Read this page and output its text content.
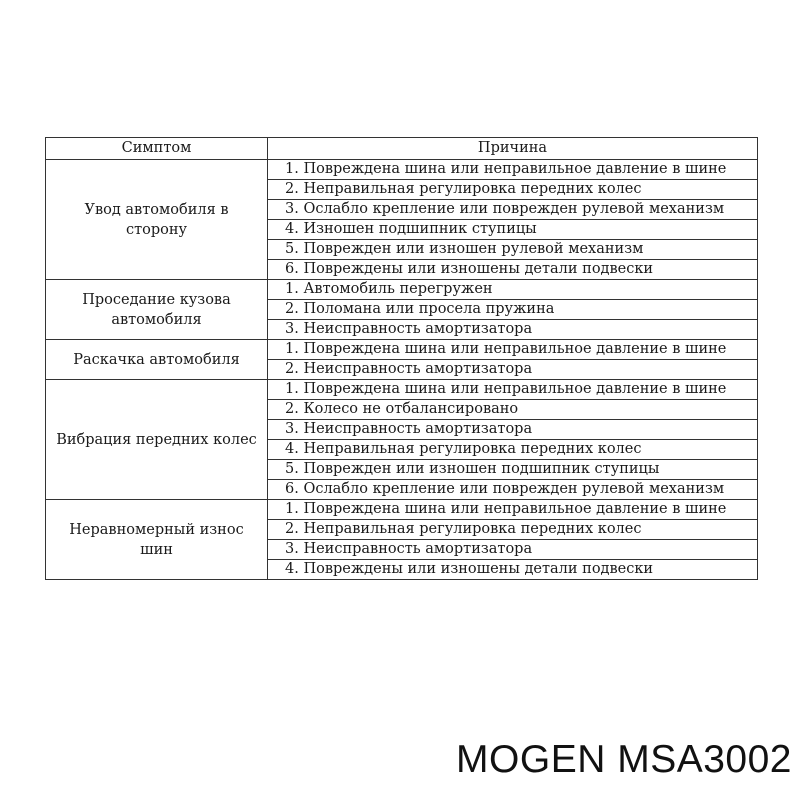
Симптом	Причина
Увод автомобиля в сторону	1. Повреждена шина или неправильное давление в шине
	2. Неправильная регулировка передних колес
	3. Ослабло крепление или поврежден рулевой механизм
	4. Изношен подшипник ступицы
	5. Поврежден или изношен рулевой механизм
	6. Повреждены или изношены детали подвески
Проседание кузова автомобиля	1. Автомобиль перегружен
	2. Поломана или просела пружина
	3. Неисправность амортизатора
Раскачка автомобиля	1. Повреждена шина или неправильное давление в шине
	2. Неисправность амортизатора
Вибрация передних колес	1. Повреждена шина или неправильное давление в шине
	2. Колесо не отбалансировано
	3. Неисправность амортизатора
	4. Неправильная регулировка передних колес
	5. Поврежден или изношен подшипник ступицы
	6. Ослабло крепление или поврежден рулевой механизм
Неравномерный износ шин	1. Повреждена шина или неправильное давление в шине
	2. Неправильная регулировка передних колес
	3. Неисправность амортизатора
	4. Повреждены или изношены детали подвески
MOGEN MSA3002
